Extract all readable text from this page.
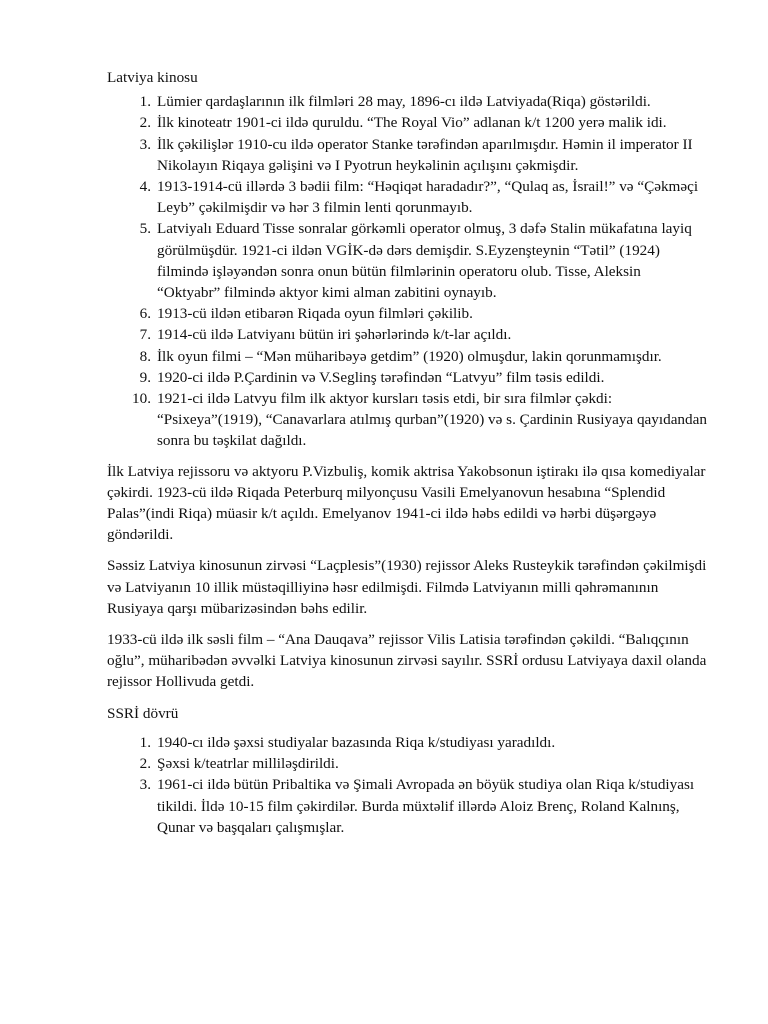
Latviya kinosu

1. Lümier qardaşlarının ilk filmləri 28 may, 1896-cı ildə Latviyada(Riqa) göstərildi.
2. İlk kinoteatr 1901-ci ildə quruldu. “The Royal Vio” adlanan k/t 1200 yerə malik idi.
3. İlk çəkilişlər 1910-cu ildə operator Stanke tərəfindən aparılmışdır. Həmin il imperator II Nikolayın Riqaya gəlişini və I Pyotrun heykəlinin açılışını çəkmişdir.
4. 1913-1914-cü illərdə 3 bədii film: “Həqiqət haradadır?”, “Qulaq as, İsrail!” və “Çəkməçi Leyb” çəkilmişdir və hər 3 filmin lenti qorunmayıb.
5. Latviyalı Eduard Tisse sonralar görkəmli operator olmuş, 3 dəfə Stalin mükafatına layiq görülmüşdür. 1921-ci ildən VGİK-də dərs demişdir. S.Eyzenşteynin “Tətil” (1924) filmində işləyəndən sonra onun bütün filmlərinin operatoru olub. Tisse, Aleksin “Oktyabr” filmində aktyor kimi alman zabitini oynayıb.
6. 1913-cü ildən etibarən Riqada oyun filmləri çəkilib.
7. 1914-cü ildə Latviyanı bütün iri şəhərlərində k/t-lar açıldı.
8. İlk oyun filmi – “Mən müharibəyə getdim” (1920) olmuşdur, lakin qorunmamışdır.
9. 1920-ci ildə P.Çardinin və V.Seglinş tərəfindən “Latvyu” film təsis edildi.
10. 1921-ci ildə Latvyu film ilk aktyor kursları təsis etdi, bir sıra filmlər çəkdi: “Psixeya”(1919), “Canavarlara atılmış qurban”(1920) və s. Çardinin Rusiyaya qayıdandan sonra bu təşkilat dağıldı.

İlk Latviya rejissoru və aktyoru P.Vizbuliş, komik aktrisa Yakobsonun iştirakı ilə qısa komediyalar çəkirdi. 1923-cü ildə Riqada Peterburq milyonçusu Vasili Emelyanovun hesabına “Splendid Palas”(indi Riqa) müasir k/t açıldı. Emelyanov 1941-ci ildə həbs edildi və hərbi düşərgəyə göndərildi.

Səssiz Latviya kinosunun zirvəsi “Laçplesis”(1930) rejissor Aleks Rusteykik tərəfindən çəkilmişdi və Latviyanın 10 illik müstəqilliyinə həsr edilmişdi. Filmdə Latviyanın milli qəhrəmanının Rusiyaya qarşı mübarizəsindən bəhs edilir.

1933-cü ildə ilk səsli film – “Ana Dauqava” rejissor Vilis Latisia tərəfindən çəkildi. “Balıqçının oğlu”, müharibədən əvvəlki Latviya kinosunun zirvəsi sayılır. SSRİ ordusu Latviyaya daxil olanda rejissor Hollivuda getdi.

SSRİ dövrü

1. 1940-cı ildə şəxsi studiyalar bazasında Riqa k/studiyası yaradıldı.
2. Şəxsi k/teatrlar milliləşdirildi.
3. 1961-ci ildə bütün Pribaltika və Şimali Avropada ən böyük studiya olan Riqa k/studiyası tikildi. İldə 10-15 film çəkirdilər. Burda müxtəlif illərdə Aloiz Brenç, Roland Kalnınş, Qunar və başqaları çalışmışlar.
